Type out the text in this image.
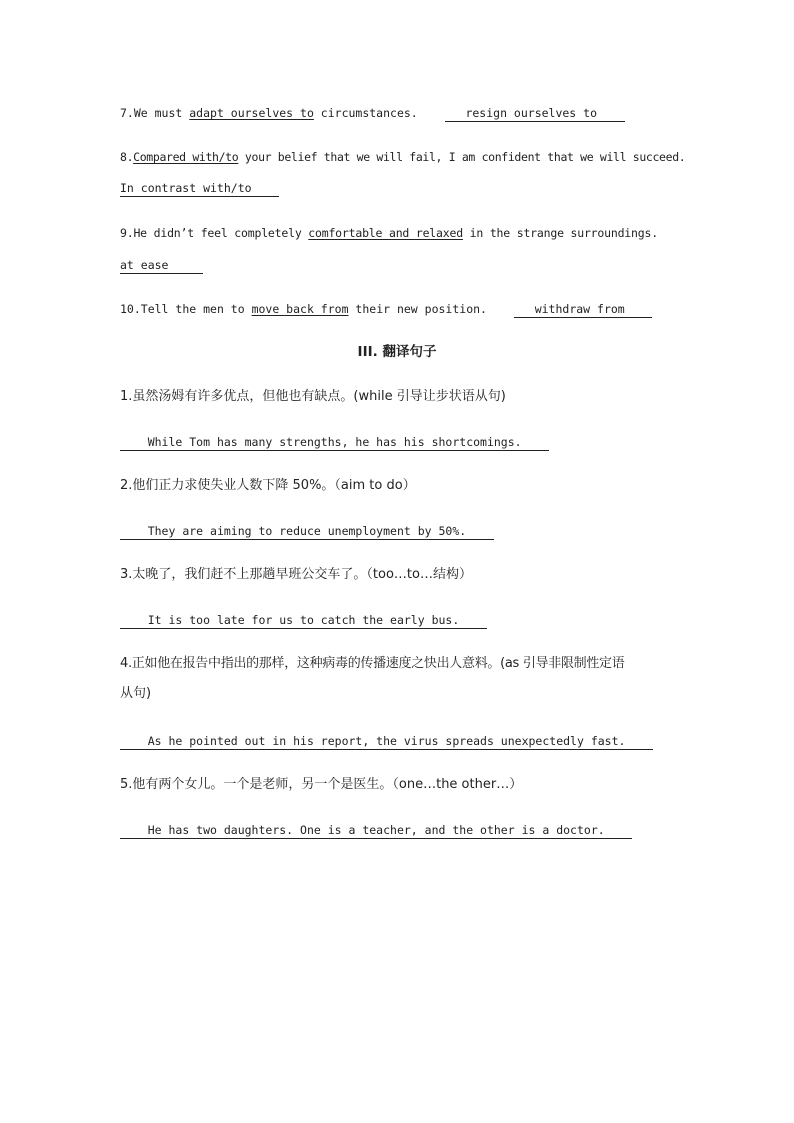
7.We must adapt ourselves to circumstances.	resign ourselves to
8.Compared with/to your belief that we will fail, I am confident that we will succeed.
In contrast with/to
9.He didn’t feel completely comfortable and relaxed in the strange surroundings.
at ease
10.Tell the men to move back from their new position.	withdraw from
III. 翻译句子
1.虽然汤姆有许多优点，但他也有缺点。(while 引导让步状语从句)
While Tom has many strengths, he has his shortcomings.
2.他们正力求使失业人数下降 50%。（aim to do）
They are aiming to reduce unemployment by 50%.
3.太晚了，我们赶不上那趟早班公交车了。（too…to…结构）
It is too late for us to catch the early bus.
4.正如他在报告中指出的那样，这种病毒的传播速度之快出人意料。(as 引导非限制性定语
从句)
As he pointed out in his report, the virus spreads unexpectedly fast.
5.他有两个女儿。一个是老师，另一个是医生。（one…the other…）
He has two daughters. One is a teacher, and the other is a doctor.
